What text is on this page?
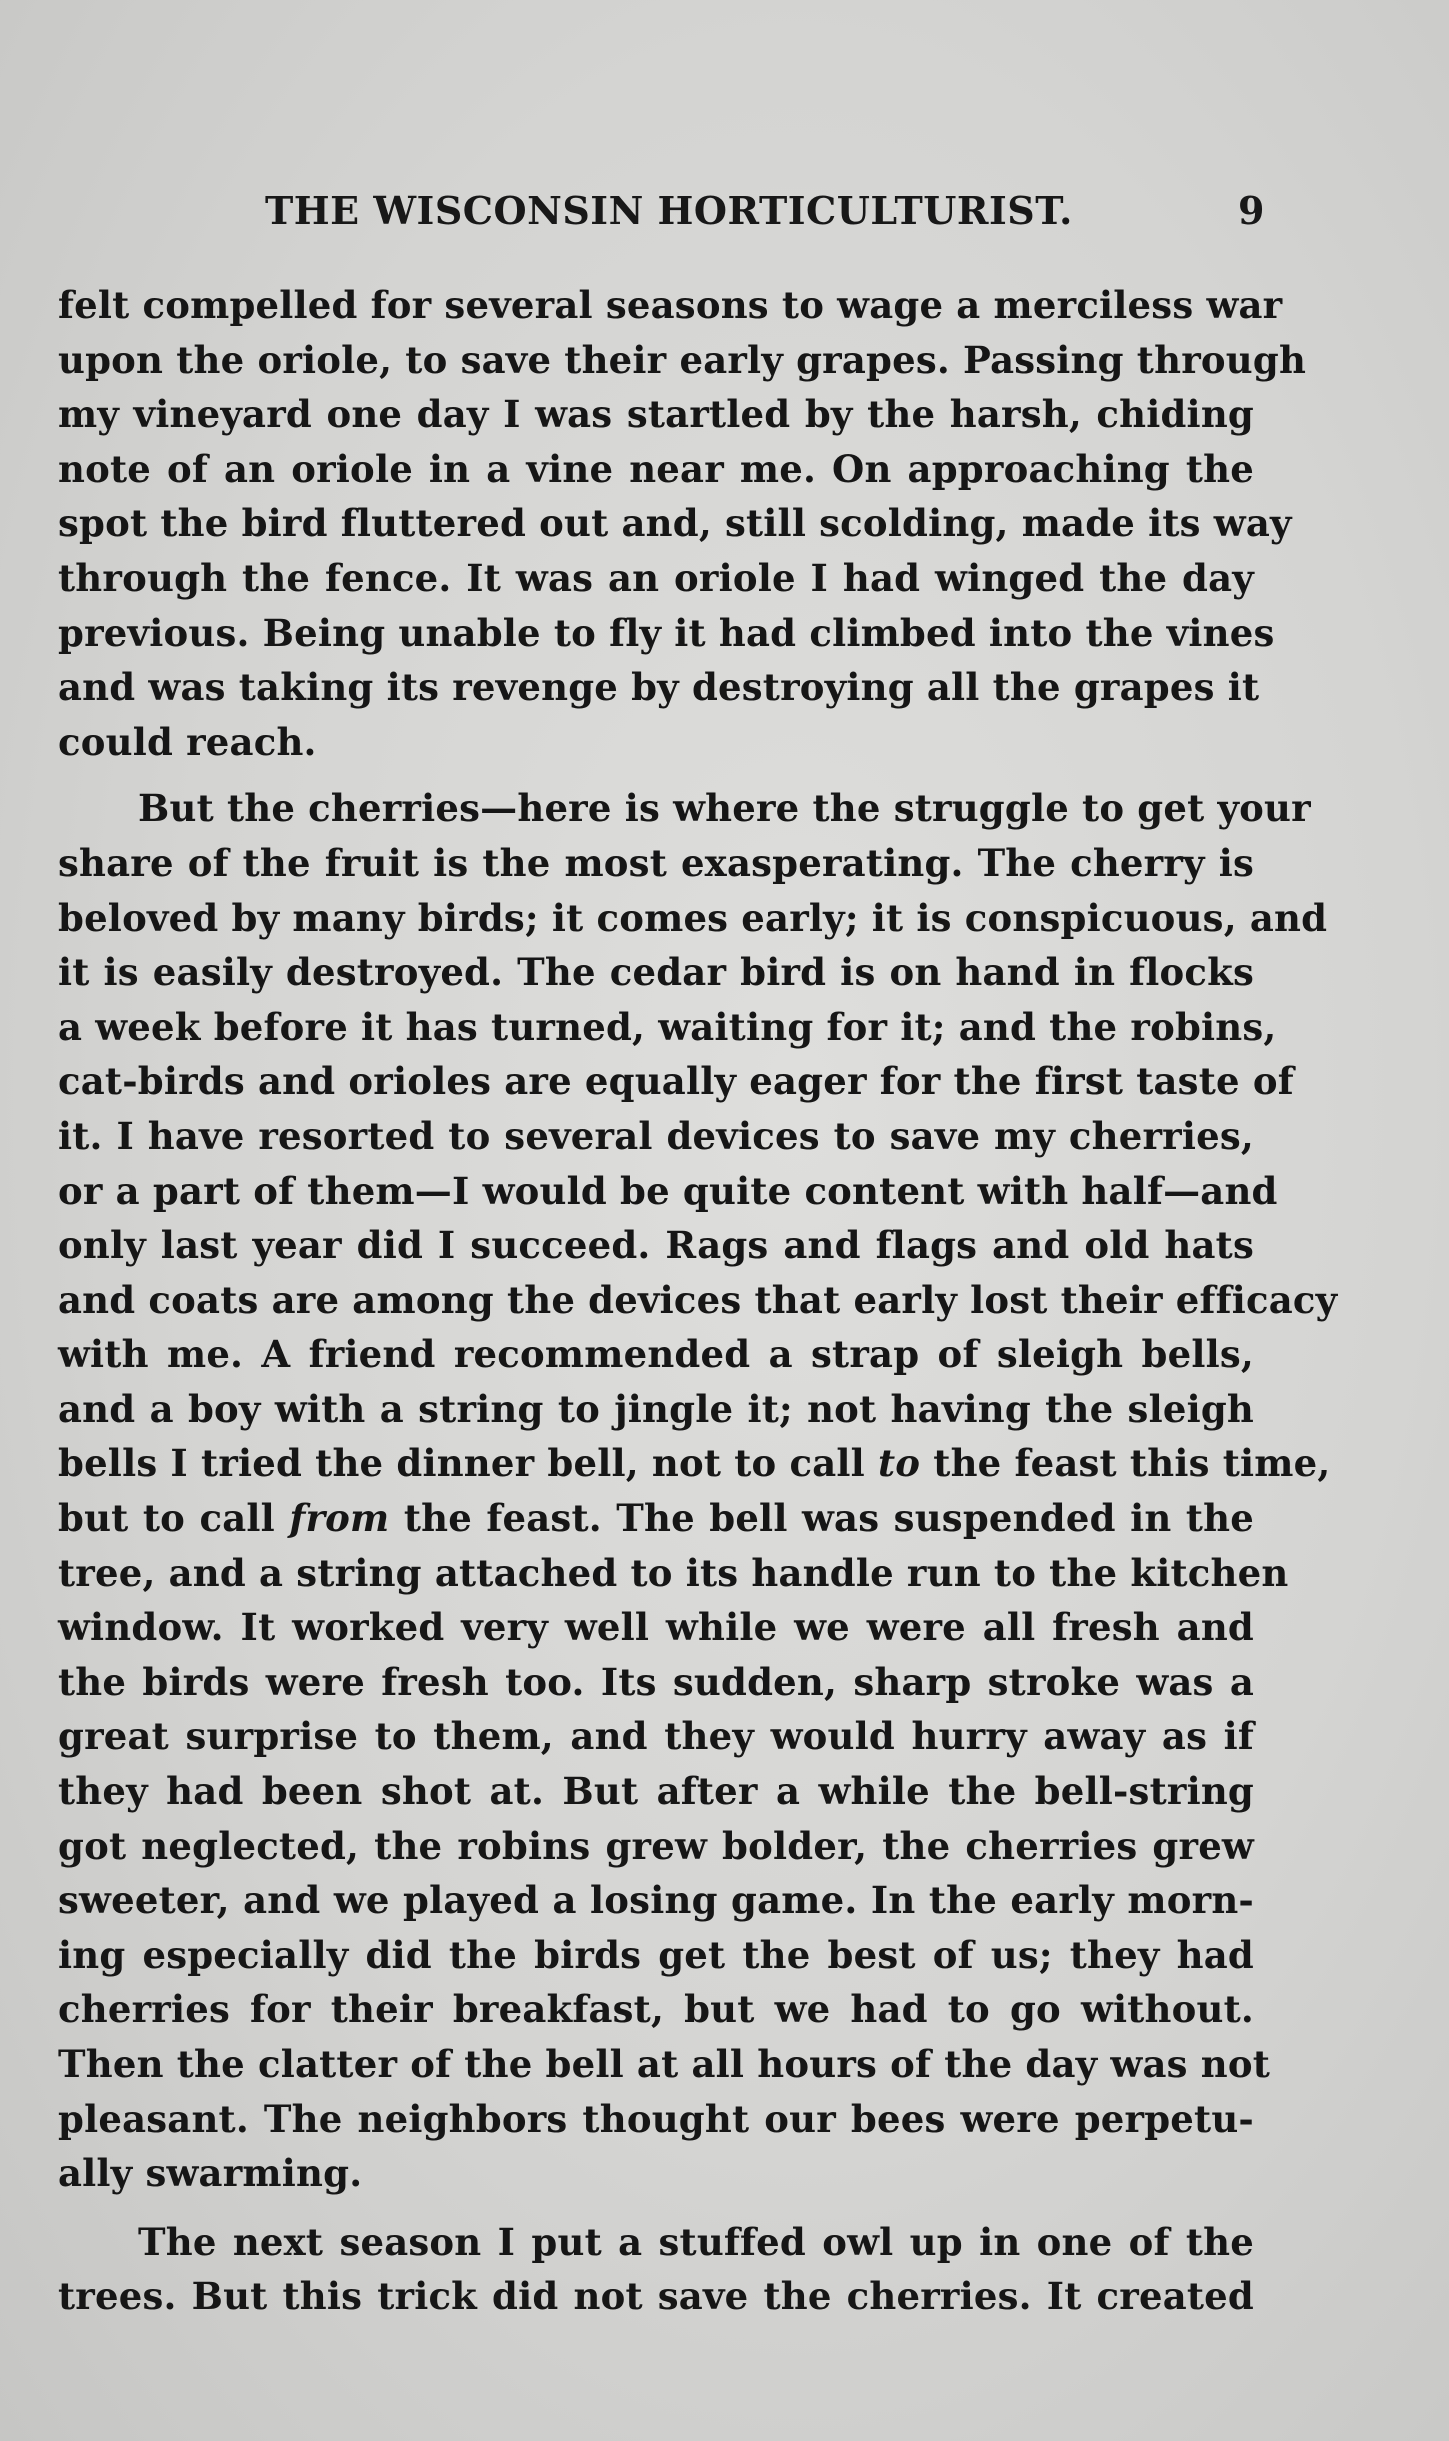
THE WISCONSIN HORTICULTURIST.	9
felt compelled for several seasons to wage a merciless war
upon the oriole, to save their early grapes. Passing through
my vineyard one day I was startled by the harsh, chiding
note of an oriole in a vine near me. On approaching the
spot the bird fluttered out and, still scolding, made its way
through the fence. It was an oriole I had winged the day
previous. Being unable to fly it had climbed into the vines
and was taking its revenge by destroying all the grapes it
could reach.
But the cherries—here is where the struggle to get your
share of the fruit is the most exasperating. The cherry is
beloved by many birds; it comes early; it is conspicuous, and
it is easily destroyed. The cedar bird is on hand in flocks
a week before it has turned, waiting for it; and the robins,
cat-birds and orioles are equally eager for the first taste of
it. I have resorted to several devices to save my cherries,
or a part of them—I would be quite content with half—and
only last year did I succeed. Rags and flags and old hats
and coats are among the devices that early lost their efficacy
with me. A friend recommended a strap of sleigh bells,
and a boy with a string to jingle it; not having the sleigh
bells I tried the dinner bell, not to call to the feast this time,
but to call from the feast. The bell was suspended in the
tree, and a string attached to its handle run to the kitchen
window. It worked very well while we were all fresh and
the birds were fresh too. Its sudden, sharp stroke was a
great surprise to them, and they would hurry away as if
they had been shot at. But after a while the bell-string
got neglected, the robins grew bolder, the cherries grew
sweeter, and we played a losing game. In the early morn-
ing especially did the birds get the best of us; they had
cherries for their breakfast, but we had to go without.
Then the clatter of the bell at all hours of the day was not
pleasant. The neighbors thought our bees were perpetu-
ally swarming.
The next season I put a stuffed owl up in one of the
trees. But this trick did not save the cherries. It created
